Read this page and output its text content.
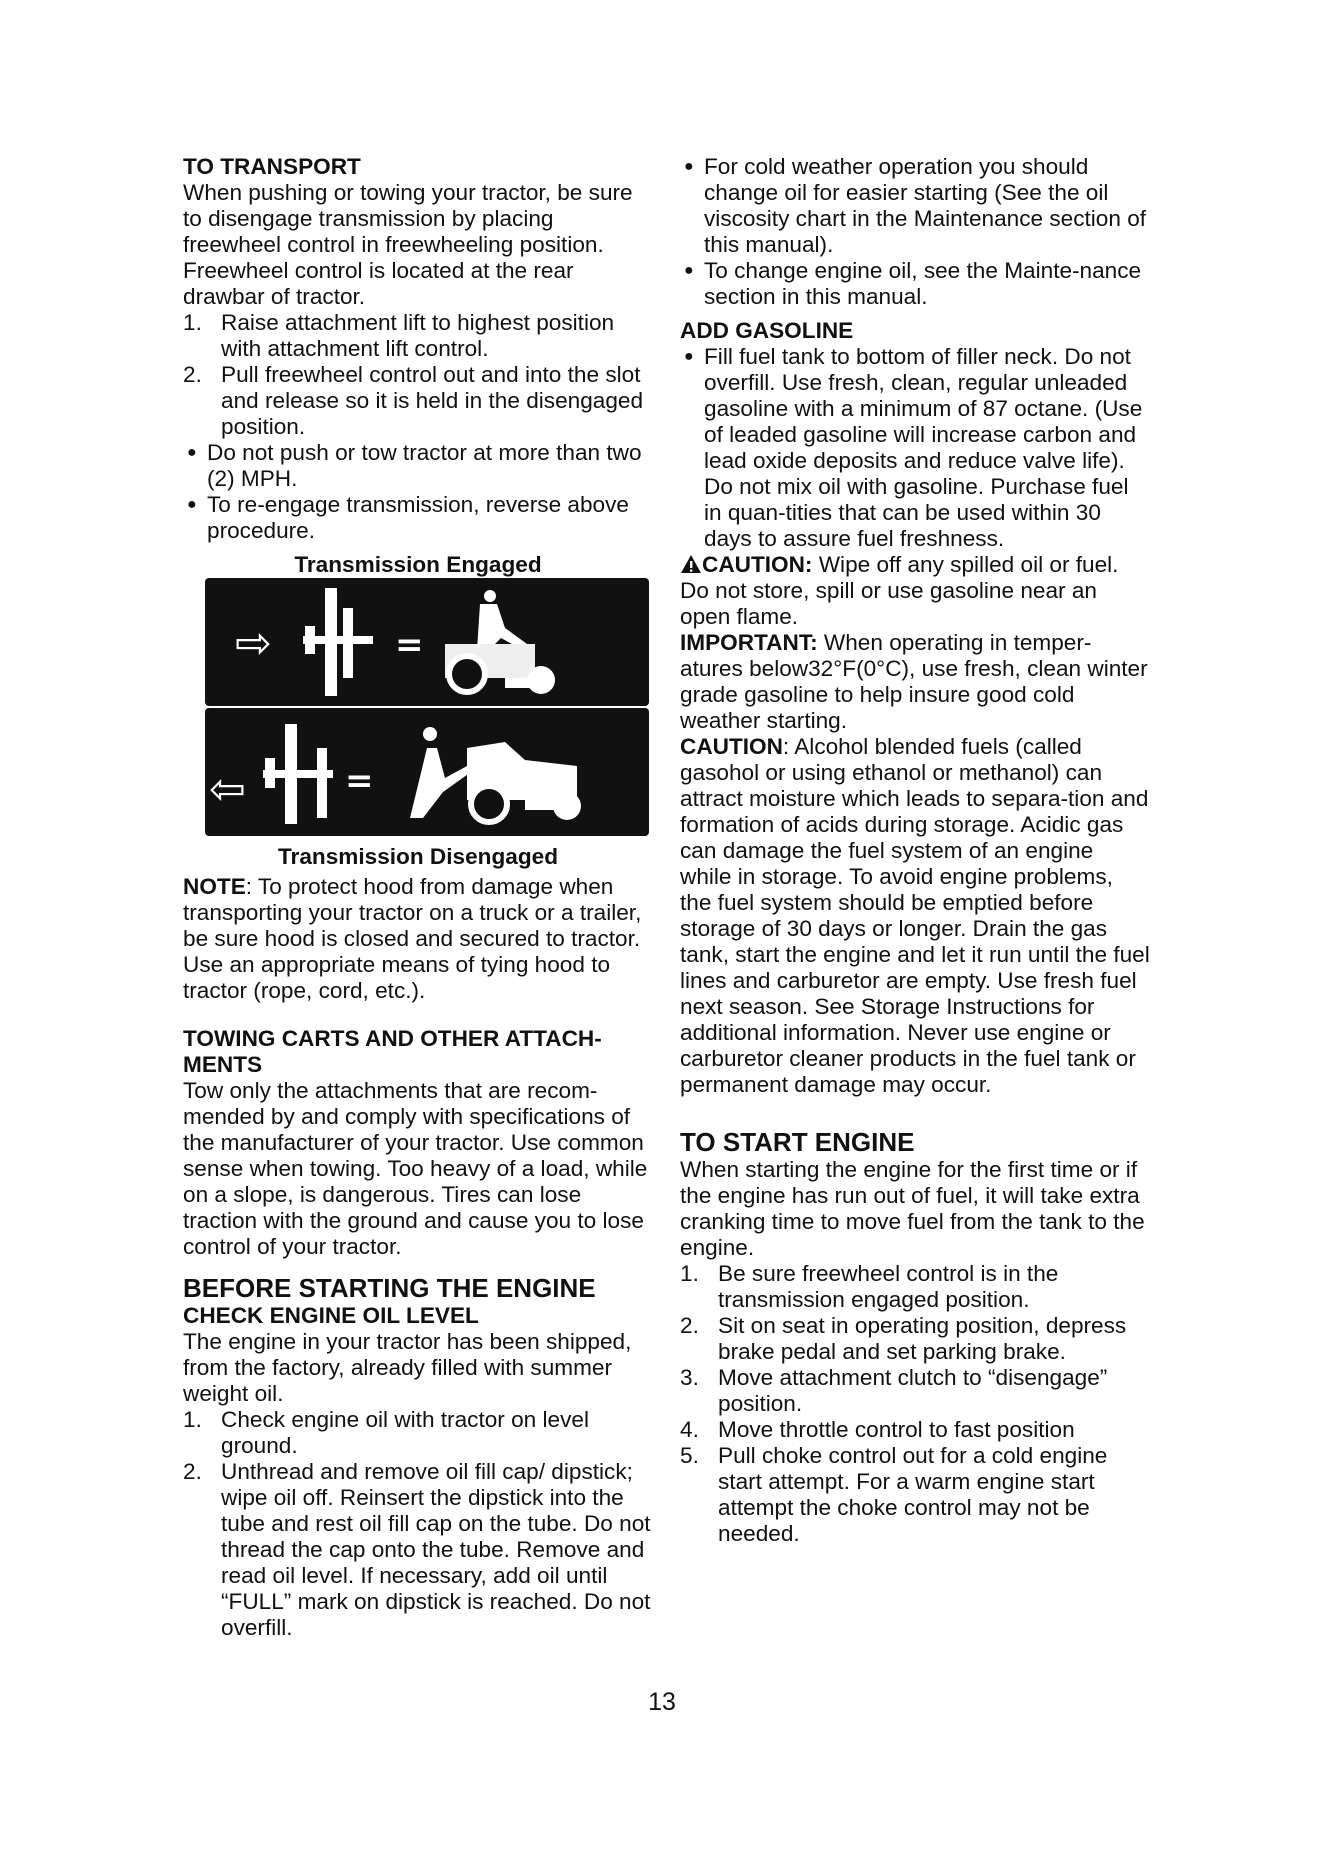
TO TRANSPORT

When pushing or towing your tractor, be sure to disengage transmission by placing freewheel control in freewheeling position. Freewheel control is located at the rear drawbar of tractor.

1. Raise attachment lift to highest position with attachment lift control.
2. Pull freewheel control out and into the slot and release so it is held in the disengaged position.
● Do not push or tow tractor at more than two (2) MPH.
● To re-engage transmission, reverse above procedure.

Transmission Engaged

⇨	=
⇦	=

Transmission Disengaged

NOTE: To protect hood from damage when transporting your tractor on a truck or a trailer, be sure hood is closed and secured to tractor. Use an appropriate means of tying hood to tractor (rope, cord, etc.).

TOWING CARTS AND OTHER ATTACH-MENTS

Tow only the attachments that are recom-mended by and comply with specifications of the manufacturer of your tractor. Use common sense when towing. Too heavy of a load, while on a slope, is dangerous. Tires can lose traction with the ground and cause you to lose control of your tractor.

BEFORE STARTING THE ENGINE

CHECK ENGINE OIL LEVEL

The engine in your tractor has been shipped, from the factory, already filled with summer weight oil.

1. Check engine oil with tractor on level ground.
2. Unthread and remove oil fill cap/ dipstick; wipe oil off. Reinsert the dipstick into the tube and rest oil fill cap on the tube. Do not thread the cap onto the tube. Remove and read oil level. If necessary, add oil until “FULL” mark on dipstick is reached. Do not overfill.
● For cold weather operation you should change oil for easier starting (See the oil viscosity chart in the Maintenance section of this manual).
● To change engine oil, see the Mainte-nance section in this manual.

ADD GASOLINE

● Fill fuel tank to bottom of filler neck. Do not overfill. Use fresh, clean, regular unleaded gasoline with a minimum of 87 octane. (Use of leaded gasoline will increase carbon and lead oxide deposits and reduce valve life). Do not mix oil with gasoline. Purchase fuel in quan-tities that can be used within 30 days to assure fuel freshness.

CAUTION: Wipe off any spilled oil or fuel. Do not store, spill or use gasoline near an open flame.

IMPORTANT: When operating in temper-atures below32°F(0°C), use fresh, clean winter grade gasoline to help insure good cold weather starting.

CAUTION: Alcohol blended fuels (called gasohol or using ethanol or methanol) can attract moisture which leads to separa-tion and formation of acids during storage. Acidic gas can damage the fuel system of an engine while in storage. To avoid engine problems, the fuel system should be emptied before storage of 30 days or longer. Drain the gas tank, start the engine and let it run until the fuel lines and carburetor are empty. Use fresh fuel next season. See Storage Instructions for additional information. Never use engine or carburetor cleaner products in the fuel tank or permanent damage may occur.

TO START ENGINE

When starting the engine for the first time or if the engine has run out of fuel, it will take extra cranking time to move fuel from the tank to the engine.

1. Be sure freewheel control is in the transmission engaged position.
2. Sit on seat in operating position, depress brake pedal and set parking brake.
3. Move attachment clutch to “disengage” position.
4. Move throttle control to fast position
5. Pull choke control out for a cold engine start attempt. For a warm engine start attempt the choke control may not be needed.
13
